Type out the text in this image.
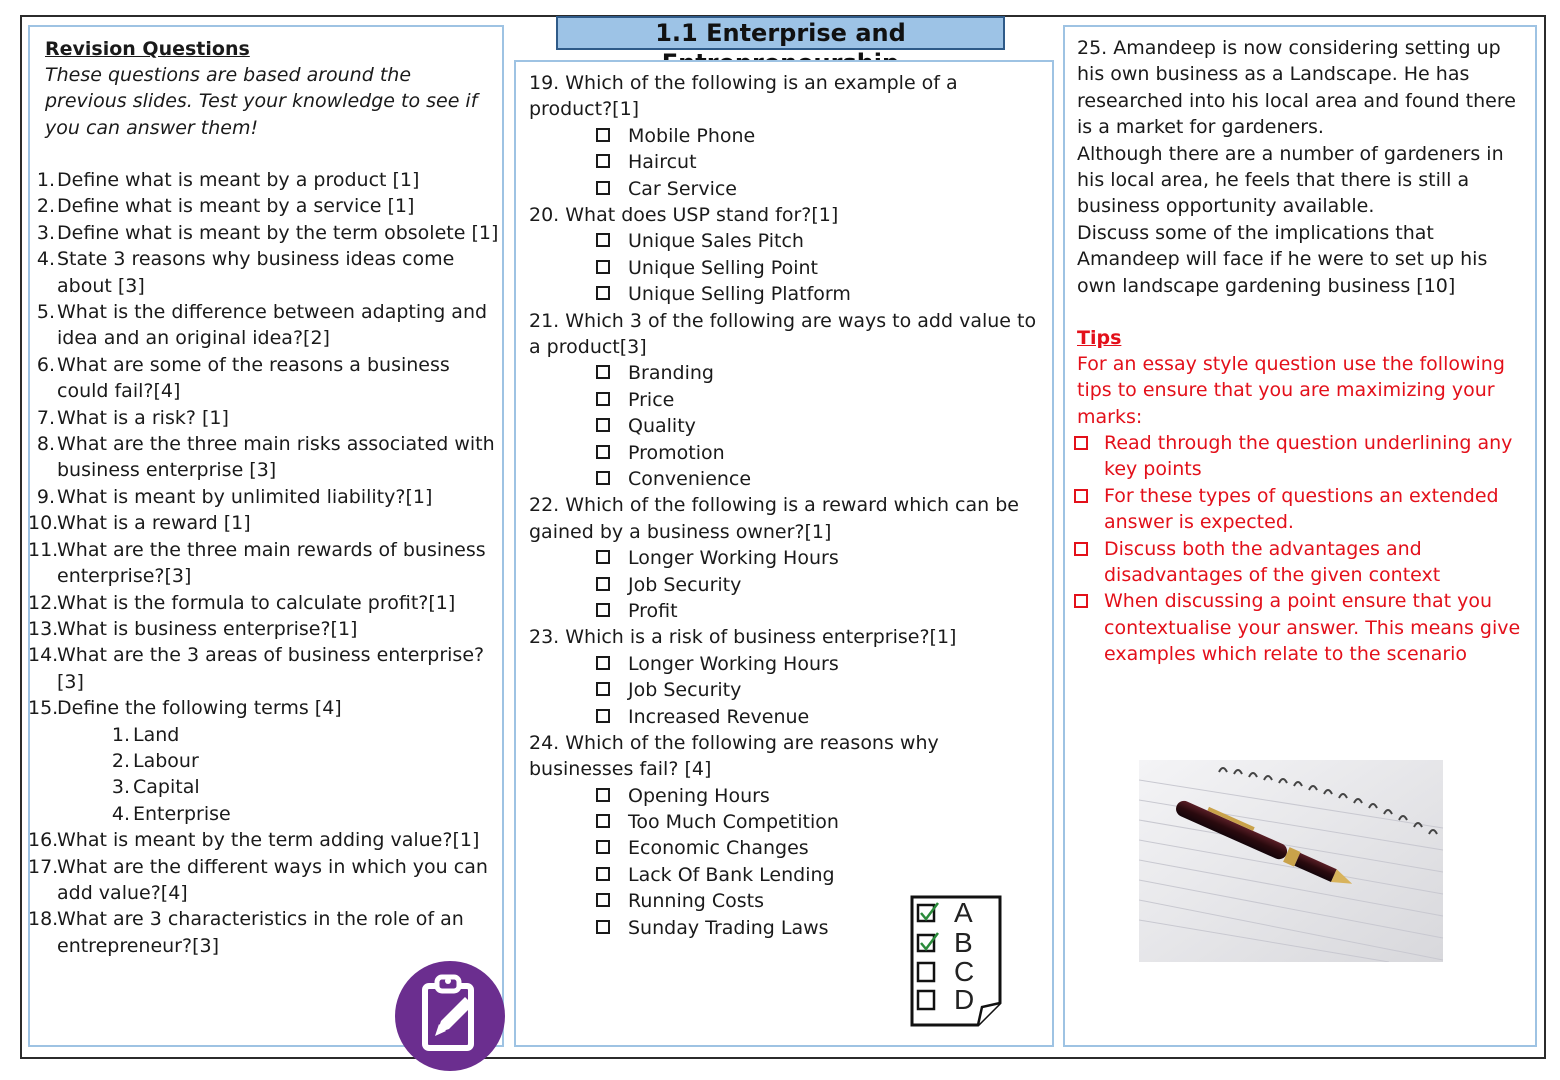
Revision Questions
These questions are based around the previous slides. Test your knowledge to see if you can answer them!
1. Define what is meant by a product [1]
2. Define what is meant by a service [1]
3. Define what is meant by the term obsolete [1]
4. State 3 reasons why business ideas come about [3]
5. What is the difference between adapting and idea and an original idea?[2]
6. What are some of the reasons a business could fail?[4]
7. What is a risk? [1]
8. What are the three main risks associated with business enterprise [3]
9. What is meant by unlimited liability?[1]
10.
What is a reward [1]
11.
What are the three main rewards of business enterprise?[3]
12.
What is the formula to calculate profit?[1]
13.
What is business enterprise?[1]
14.
What are the 3 areas of business enterprise?[3]
15.
Define the following terms [4]
1. Land
2. Labour
3. Capital
4. Enterprise
16.
What is meant by the term adding value?[1]
17.
What are the different ways in which you can add value?[4]
18.
What are 3 characteristics in the role of an entrepreneur?[3]
1.1 Enterprise and
19. Which of the following is an example of a product?[1]
Mobile Phone
Haircut
Car Service
20. What does USP stand for?[1]
Unique Sales Pitch
Unique Selling Point
Unique Selling Platform
21. Which 3 of the following are ways to add value to a product[3]
Branding
Price
Quality
Promotion
Convenience
22. Which of the following is a reward which can be gained by a business owner?[1]
Longer Working Hours
Job Security
Profit
23. Which is a risk of business enterprise?[1]
Longer Working Hours
Job Security
Increased Revenue
24. Which of the following are reasons why businesses fail? [4]
Opening Hours
Too Much Competition
Economic Changes
Lack Of Bank Lending
Running Costs
Sunday Trading Laws	A
B
C
D
25. Amandeep is now considering setting up his own business as a Landscape. He has researched into his local area and found there is a market for gardeners.
Although there are a number of gardeners in his local area, he feels that there is still a business opportunity available.
Discuss some of the implications that Amandeep will face if he were to set up his own landscape gardening business [10]
Tips
For an essay style question use the following tips to ensure that you are maximizing your marks:
Read through the question underlining any key points
For these types of questions an extended answer is expected.
Discuss both the advantages and disadvantages of the given context
When discussing a point ensure that you contextualise your answer. This means give examples which relate to the scenario
